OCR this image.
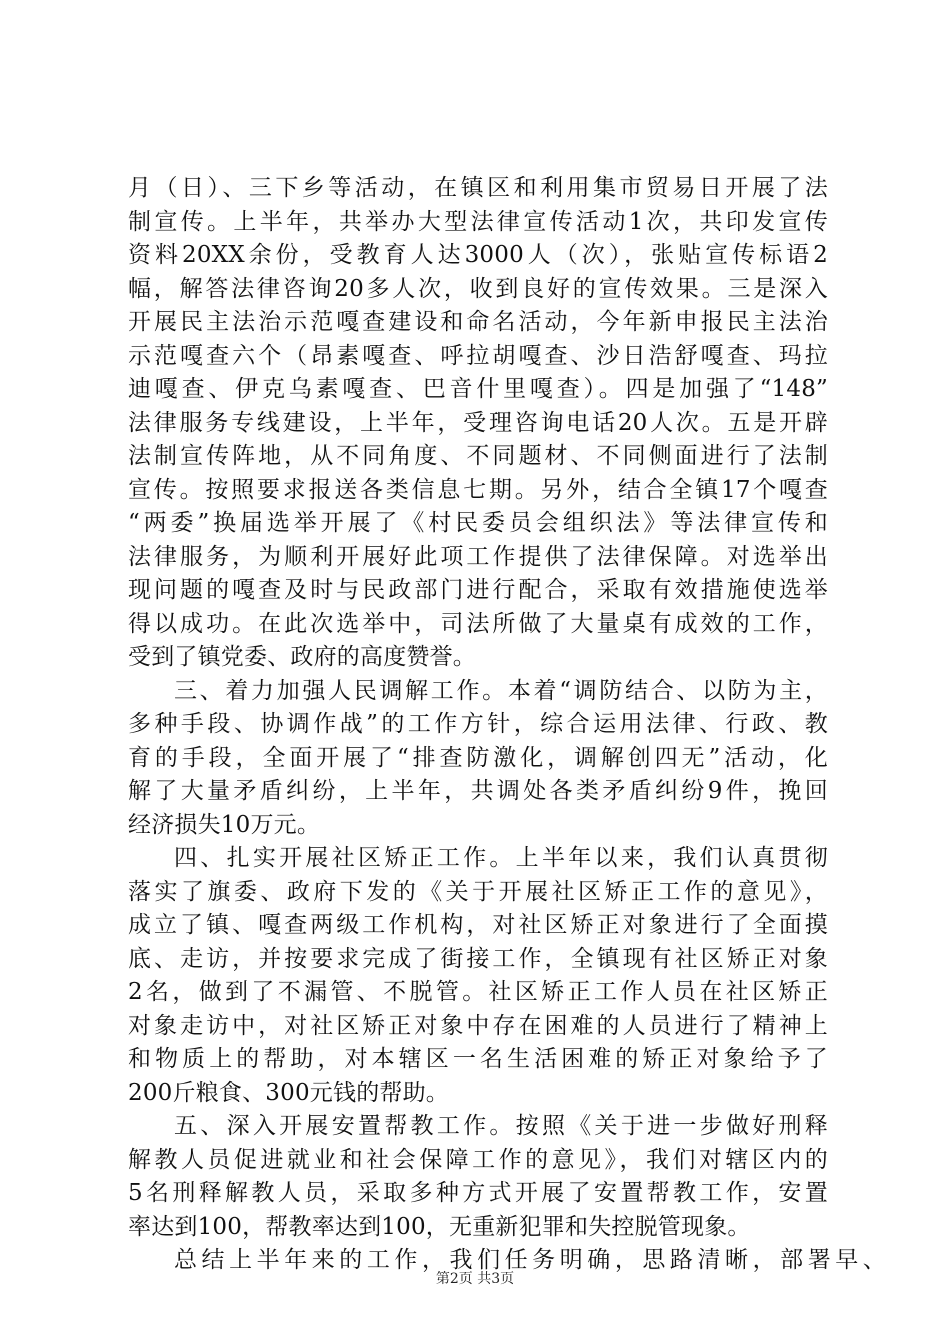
月（日）、三下乡等活动，在镇区和利用集市贸易日开展了法
制宣传。上半年，共举办大型法律宣传活动1次，共印发宣传
资料20XX余份，受教育人达3000人（次），张贴宣传标语2
幅，解答法律咨询20多人次，收到良好的宣传效果。三是深入
开展民主法治示范嘎查建设和命名活动，今年新申报民主法治
示范嘎查六个（昂素嘎查、呼拉胡嘎查、沙日浩舒嘎查、玛拉
迪嘎查、伊克乌素嘎查、巴音什里嘎查）。四是加强了“148”
法律服务专线建设，上半年，受理咨询电话20人次。五是开辟
法制宣传阵地，从不同角度、不同题材、不同侧面进行了法制
宣传。按照要求报送各类信息七期。另外，结合全镇17个嘎查
“两委”换届选举开展了《村民委员会组织法》等法律宣传和
法律服务，为顺利开展好此项工作提供了法律保障。对选举出
现问题的嘎查及时与民政部门进行配合，采取有效措施使选举
得以成功。在此次选举中，司法所做了大量桌有成效的工作，
受到了镇党委、政府的高度赞誉。
三、着力加强人民调解工作。本着“调防结合、以防为主，
多种手段、协调作战”的工作方针，综合运用法律、行政、教
育的手段，全面开展了“排查防激化，调解创四无”活动，化
解了大量矛盾纠纷，上半年，共调处各类矛盾纠纷9件，挽回
经济损失10万元。
四、扎实开展社区矫正工作。上半年以来，我们认真贯彻
落实了旗委、政府下发的《关于开展社区矫正工作的意见》，
成立了镇、嘎查两级工作机构，对社区矫正对象进行了全面摸
底、走访，并按要求完成了街接工作，全镇现有社区矫正对象
2名，做到了不漏管、不脱管。社区矫正工作人员在社区矫正
对象走访中，对社区矫正对象中存在困难的人员进行了精神上
和物质上的帮助，对本辖区一名生活困难的矫正对象给予了
200斤粮食、300元钱的帮助。
五、深入开展安置帮教工作。按照《关于进一步做好刑释
解教人员促进就业和社会保障工作的意见》，我们对辖区内的
5名刑释解教人员，采取多种方式开展了安置帮教工作，安置
率达到100，帮教率达到100，无重新犯罪和失控脱管现象。
总结上半年来的工作，我们任务明确，思路清晰，部署早、
第2页 共3页
